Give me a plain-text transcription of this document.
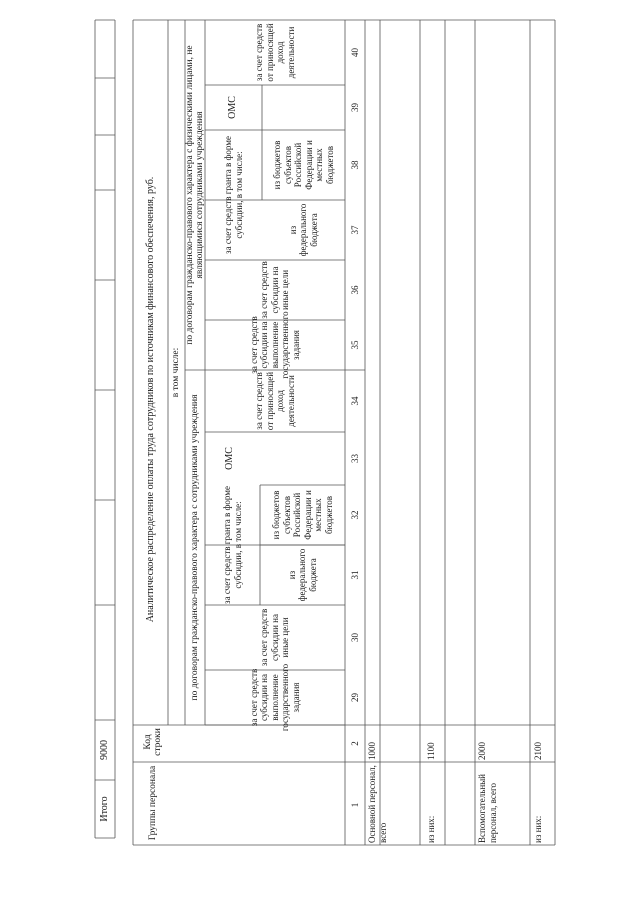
Итого
9000
Аналитическое распределение оплаты труда сотрудников по источникам финансового обеспечения, руб.
Группы персонала
Код строки
в том числе:
по договорам гражданско-правового характера с сотрудниками учреждения
по договорам гражданско-правового характера с физическими лицами, не являющимися сотрудниками учреждения
за счет средств субсидии на выполнение государственного задания
за счет средств субсидии на иные цели
за счет средств гранта в форме субсидии, в том числе:	из федерального бюджета
из бюджетов субъектов Российской Федерации и местных бюджетов
ОМС
за счет средств от приносящей доход деятельности
за счет средств субсидии на выполнение государственного задания
за счет средств субсидии на иные цели
за счет средств гранта в форме субсидии, в том числе:	из федерального бюджета
из бюджетов субъектов Российской Федерации и местных бюджетов
ОМС
за счет средств от приносящей доход деятельности
1
2
29
30
31
32
33
34
35
36
37
38
39
40
Основной персонал, всего
1000
из них:
1100
Вспомогательный персонал, всего
2000
из них:
2100
